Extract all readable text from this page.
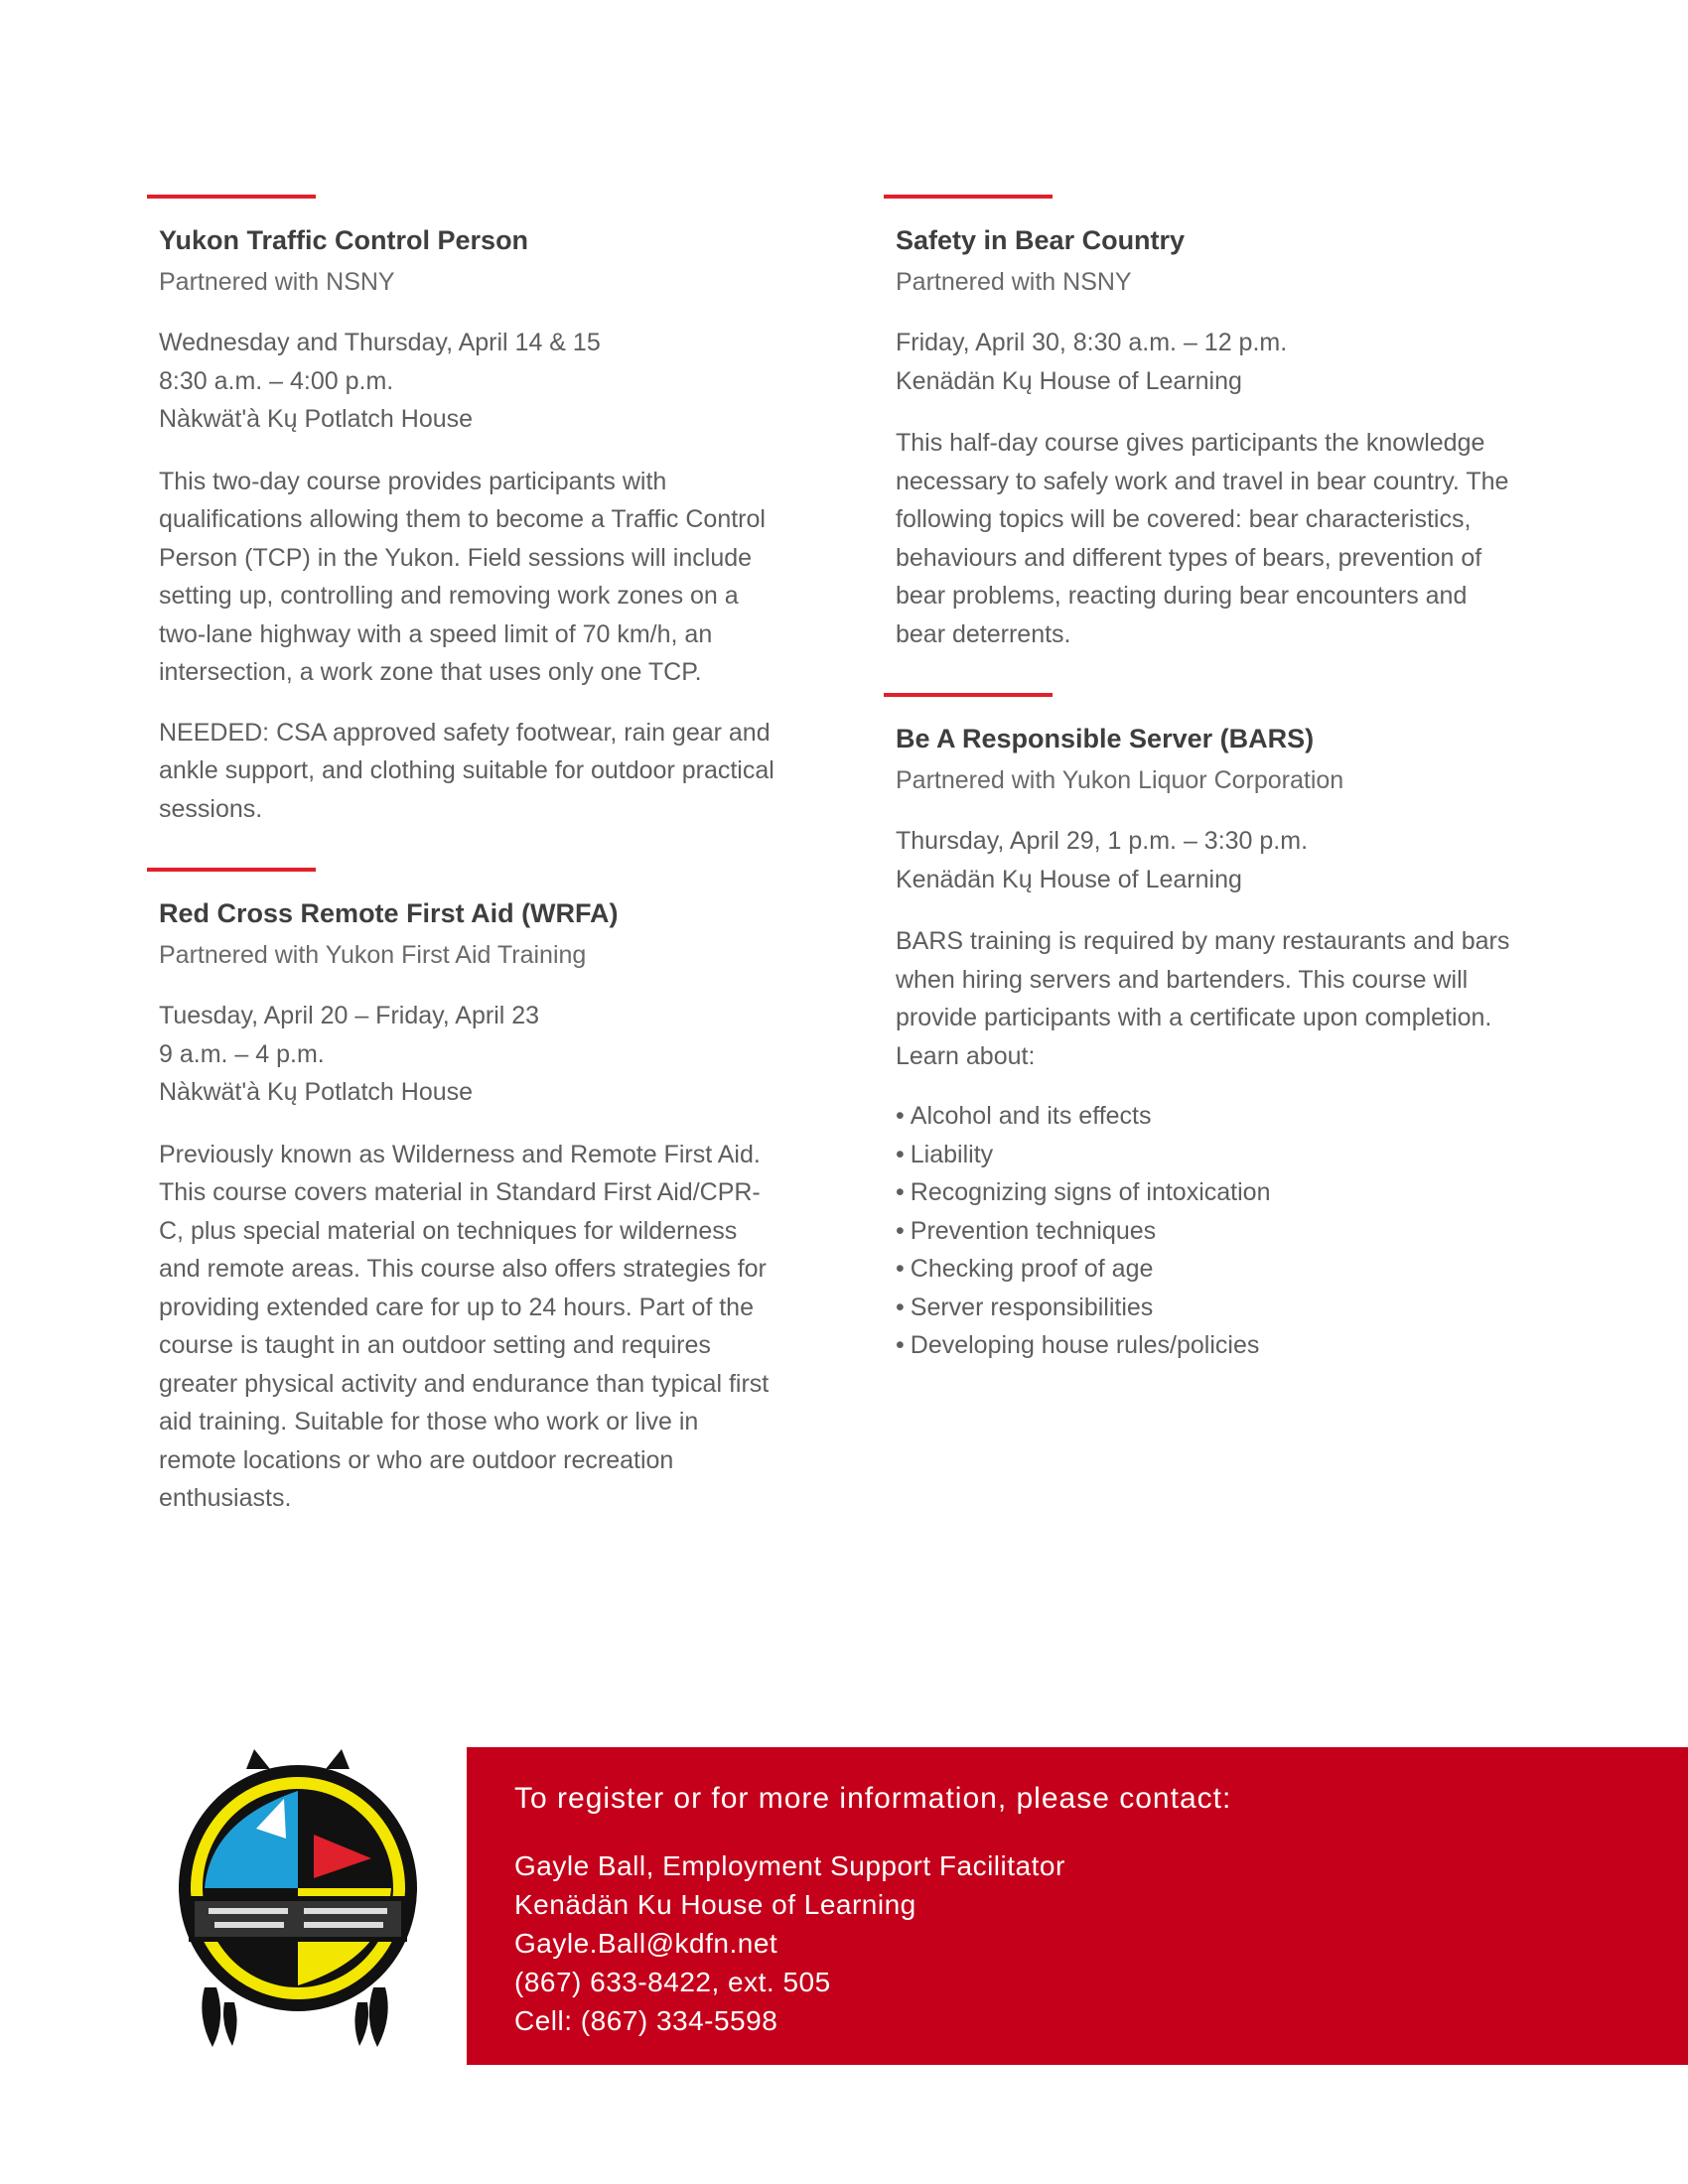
Yukon Traffic Control Person
Partnered with NSNY
Wednesday and Thursday, April 14 & 15
8:30 a.m. – 4:00 p.m.
Nàkwät'à Kų Potlatch House

This two-day course provides participants with qualifications allowing them to become a Traffic Control Person (TCP) in the Yukon. Field sessions will include setting up, controlling and removing work zones on a two-lane highway with a speed limit of 70 km/h, an intersection, a work zone that uses only one TCP.

NEEDED: CSA approved safety footwear, rain gear and ankle support, and clothing suitable for outdoor practical sessions.

Red Cross Remote First Aid (WRFA)
Partnered with Yukon First Aid Training
Tuesday, April 20 – Friday, April 23
9 a.m. – 4 p.m.
Nàkwät'à Kų Potlatch House

Previously known as Wilderness and Remote First Aid. This course covers material in Standard First Aid/CPR-C, plus special material on techniques for wilderness and remote areas. This course also offers strategies for providing extended care for up to 24 hours. Part of the course is taught in an outdoor setting and requires greater physical activity and endurance than typical first aid training. Suitable for those who work or live in remote locations or who are outdoor recreation enthusiasts.

Safety in Bear Country
Partnered with NSNY
Friday, April 30, 8:30 a.m. – 12 p.m.
Kenädän Kų House of Learning

This half-day course gives participants the knowledge necessary to safely work and travel in bear country. The following topics will be covered: bear characteristics, behaviours and different types of bears, prevention of bear problems, reacting during bear encounters and bear deterrents.

Be A Responsible Server (BARS)
Partnered with Yukon Liquor Corporation
Thursday, April 29, 1 p.m. – 3:30 p.m.
Kenädän Kų House of Learning

BARS training is required by many restaurants and bars when hiring servers and bartenders. This course will provide participants with a certificate upon completion. Learn about:

• Alcohol and its effects
• Liability
• Recognizing signs of intoxication
• Prevention techniques
• Checking proof of age
• Server responsibilities
• Developing house rules/policies
To register or for more information, please contact:
Gayle Ball, Employment Support Facilitator
Kenädän Ku House of Learning
Gayle.Ball@kdfn.net
(867) 633-8422, ext. 505
Cell: (867) 334-5598
